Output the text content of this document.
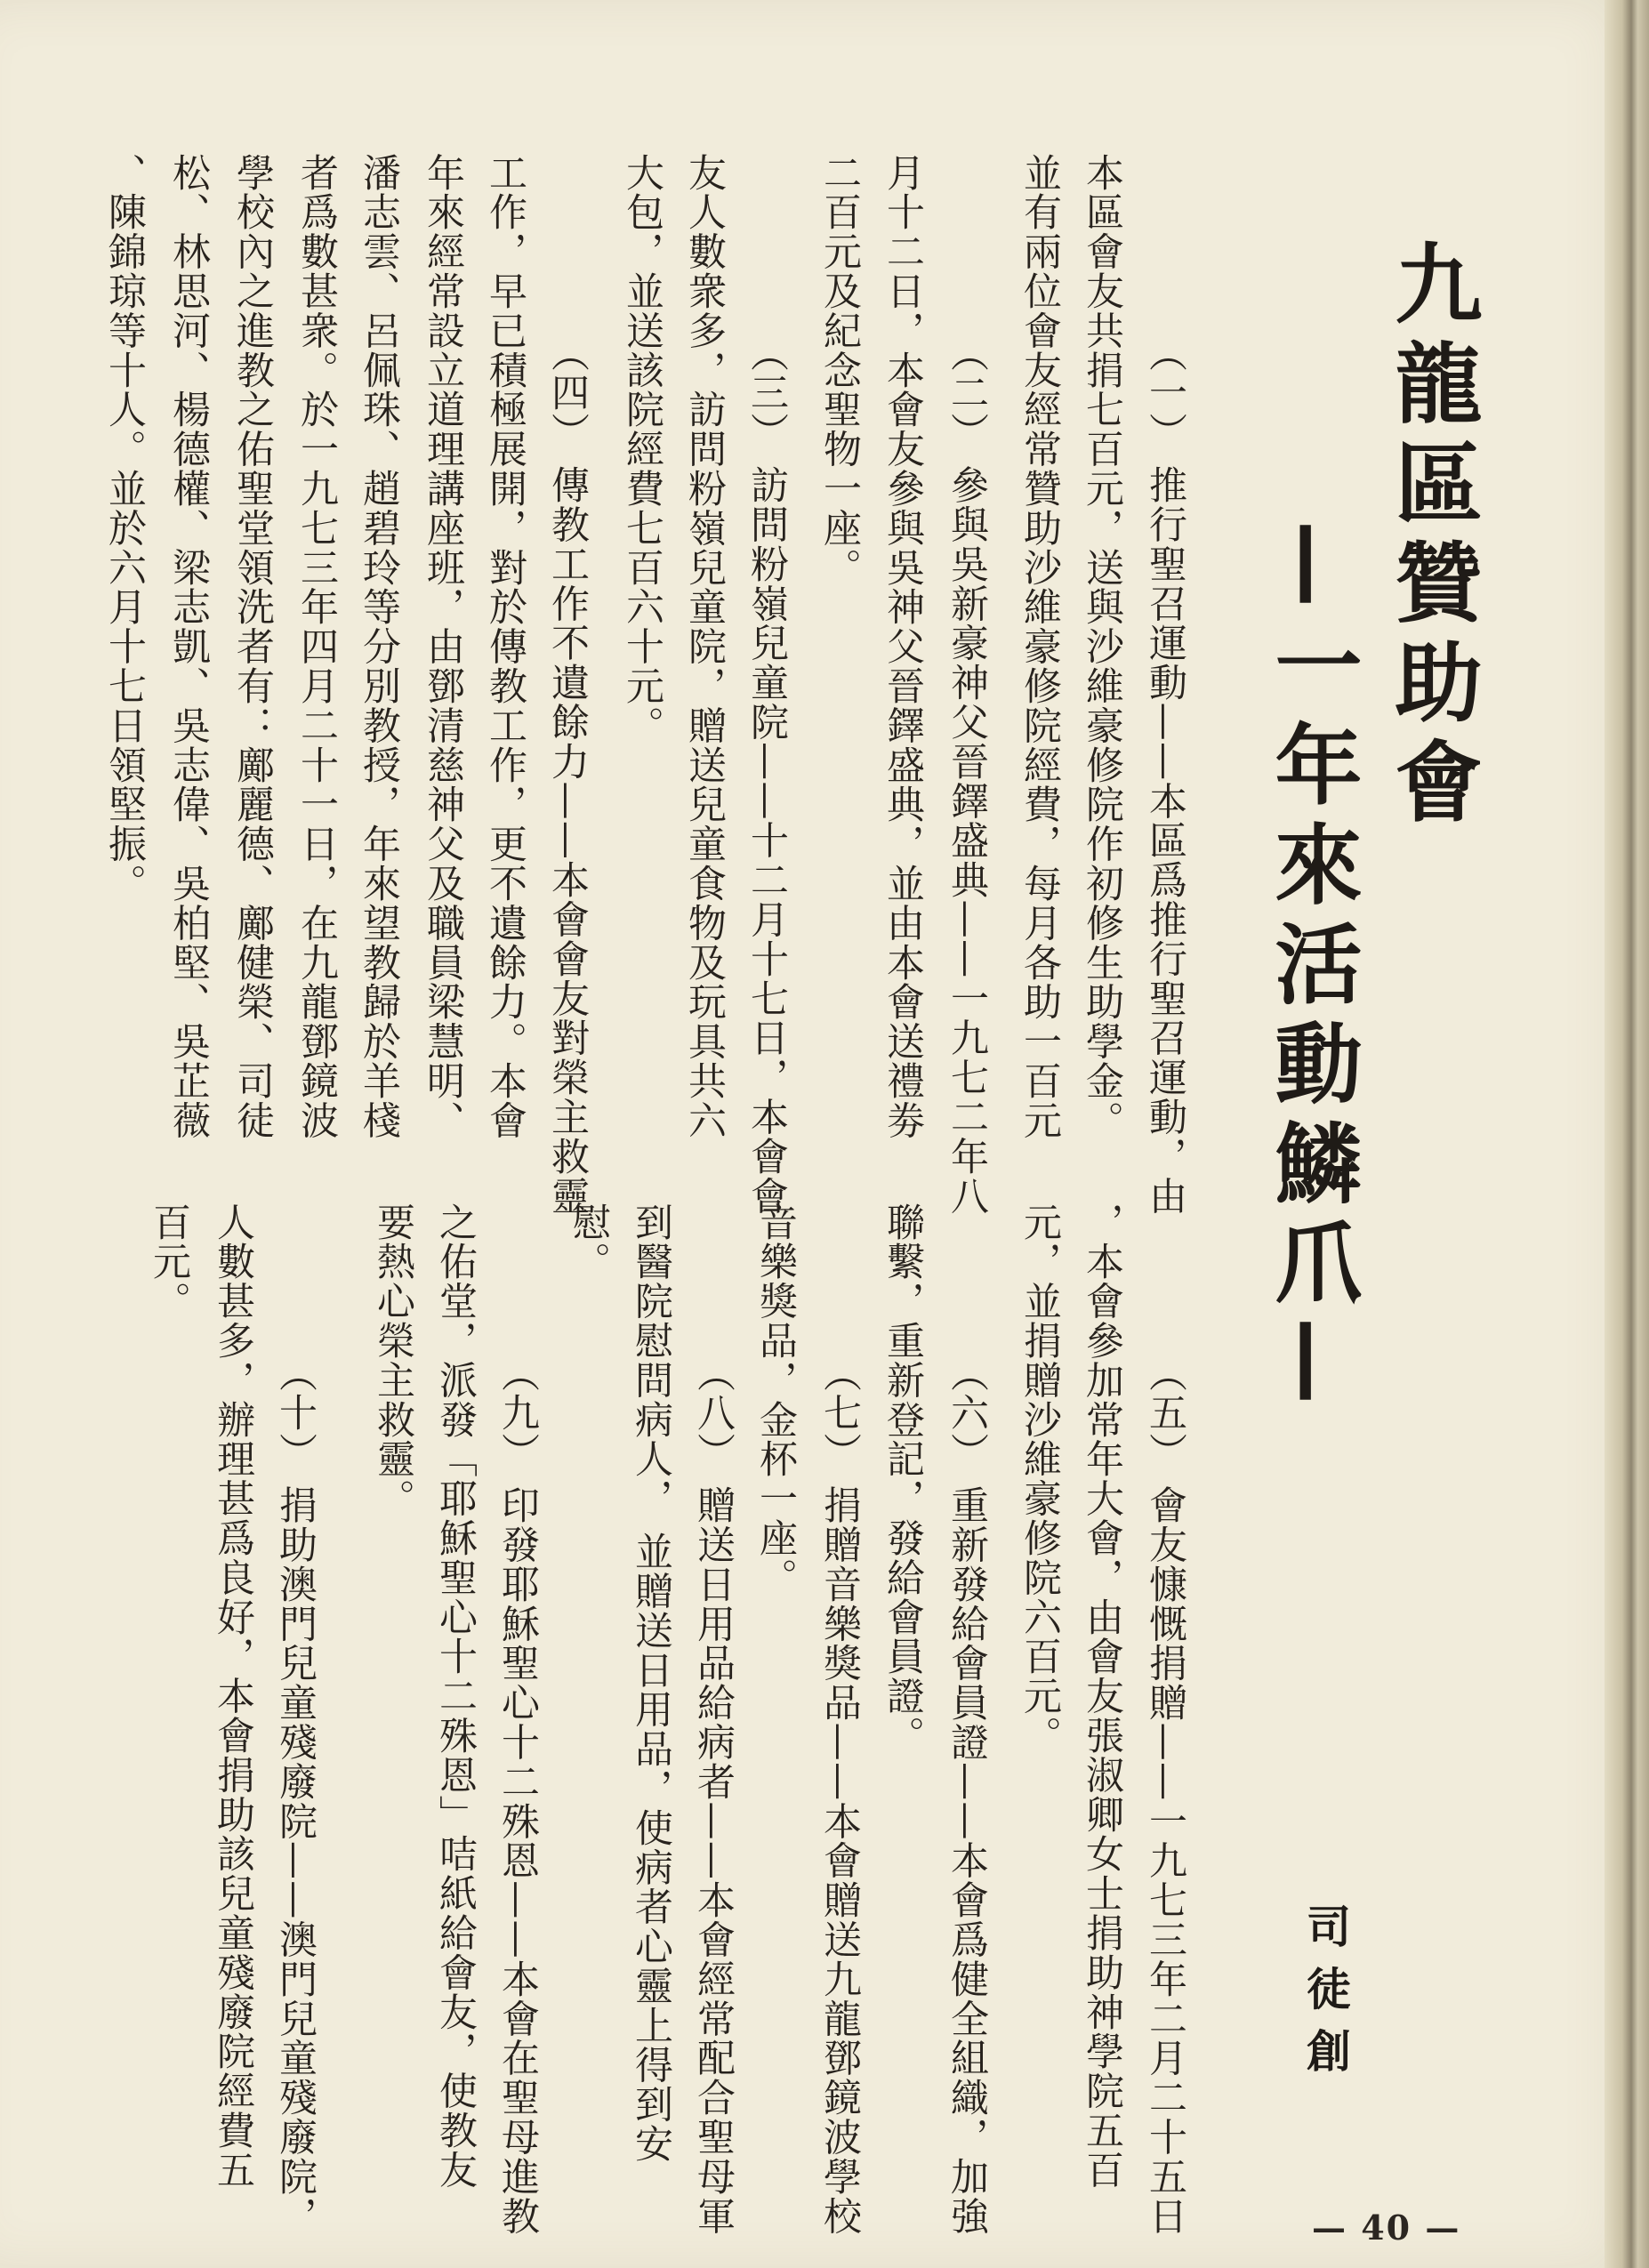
九龍區贊助會
—一年來活動鱗爪—
司徒創
（一） 推行聖召運動——本區爲推行聖召運動，由
本區會友共捐七百元，送與沙維豪修院作初修生助學金。
並有兩位會友經常贊助沙維豪修院經費，每月各助一百元
（二） 參與吳新豪神父晉鐸盛典——一九七二年八
月十二日，本會友參與吳神父晉鐸盛典，並由本會送禮劵
二百元及紀念聖物一座。
（三） 訪問粉嶺兒童院——十二月十七日，本會會
友人數衆多，訪問粉嶺兒童院，贈送兒童食物及玩具共六
大包，並送該院經費七百六十元。
（四） 傳教工作不遺餘力——本會會友對榮主救靈
工作，早已積極展開，對於傳教工作，更不遺餘力。本會
年來經常設立道理講座班，由鄧清慈神父及職員梁慧明、
潘志雲、呂佩珠、趙碧玲等分別教授，年來望教歸於羊棧
者爲數甚衆。於一九七三年四月二十一日，在九龍鄧鏡波
學校內之進教之佑聖堂領洗者有：鄺麗德、鄺健榮、司徒
松、林思河、楊德權、梁志凱、吳志偉、吳柏堅、吳芷薇
、陳錦琼等十人。並於六月十七日領堅振。
（五） 會友慷慨捐贈——一九七三年二月二十五日
，本會參加常年大會，由會友張淑卿女士捐助神學院五百
元，並捐贈沙維豪修院六百元。
（六） 重新發給會員證——本會爲健全組織，加強
聯繫，重新登記，發給會員證。
（七） 捐贈音樂獎品——本會贈送九龍鄧鏡波學校
音樂獎品，金杯一座。
（八） 贈送日用品給病者——本會經常配合聖母軍
到醫院慰問病人， 並贈送日用品，使病者心靈上得到安
慰。
（九） 印發耶穌聖心十二殊恩——本會在聖母進教
之佑堂，派發「耶穌聖心十二殊恩」咭紙給會友，使教友
要熱心榮主救靈。
（十） 捐助澳門兒童殘廢院——澳門兒童殘廢院，
人數甚多，辦理甚爲良好，本會捐助該兒童殘廢院經費五
百元。
— 40 —
